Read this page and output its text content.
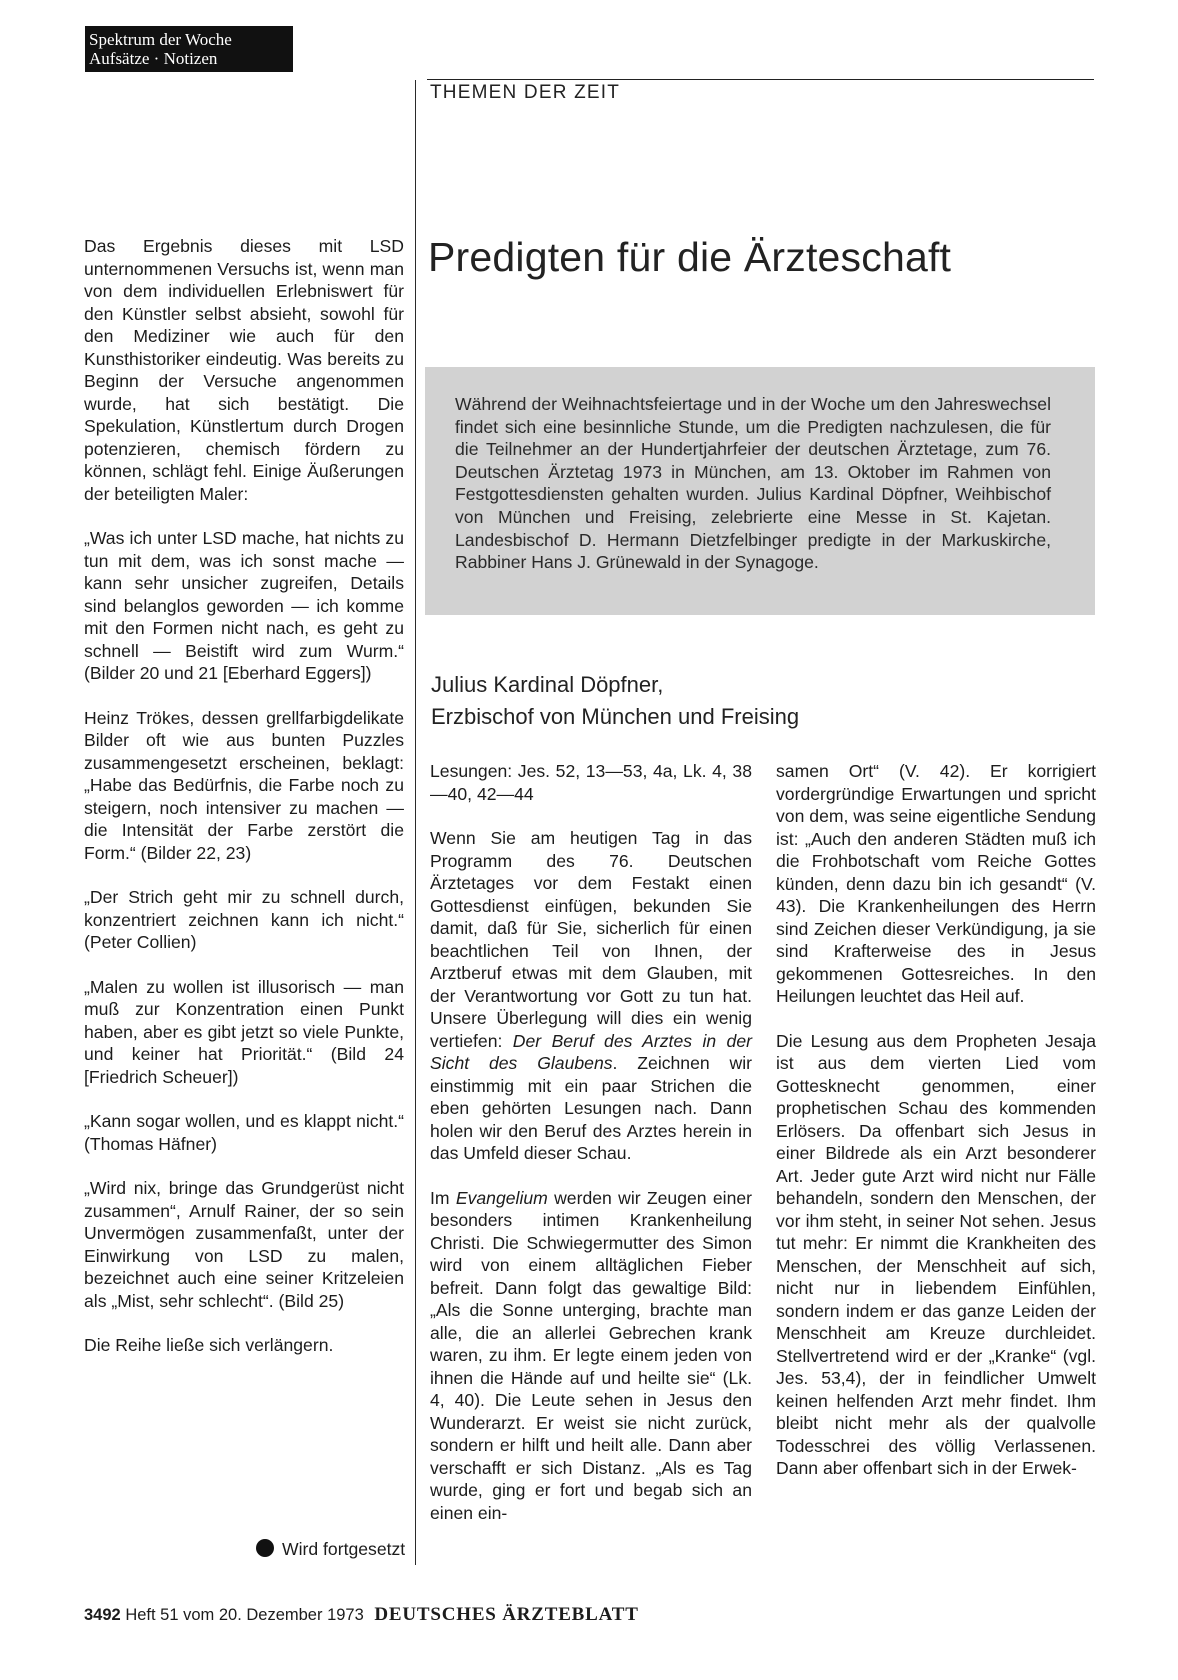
Spektrum der Woche
Aufsätze · Notizen
THEMEN DER ZEIT

Das Ergebnis dieses mit LSD unternommenen Versuchs ist, wenn man von dem individuellen Erlebniswert für den Künstler selbst absieht, sowohl für den Mediziner wie auch für den Kunsthistoriker eindeutig. Was bereits zu Beginn der Versuche angenommen wurde, hat sich bestätigt. Die Spekulation, Künstlertum durch Drogen potenzieren, chemisch fördern zu können, schlägt fehl. Einige Äußerungen der beteiligten Maler:

„Was ich unter LSD mache, hat nichts zu tun mit dem, was ich sonst mache — kann sehr unsicher zugreifen, Details sind belanglos geworden — ich komme mit den Formen nicht nach, es geht zu schnell — Beistift wird zum Wurm.“ (Bilder 20 und 21 [Eberhard Eggers])

Heinz Trökes, dessen grellfarbigdelikate Bilder oft wie aus bunten Puzzles zusammengesetzt erscheinen, beklagt: „Habe das Bedürfnis, die Farbe noch zu steigern, noch intensiver zu machen — die Intensität der Farbe zerstört die Form.“ (Bilder 22, 23)

„Der Strich geht mir zu schnell durch, konzentriert zeichnen kann ich nicht.“ (Peter Collien)

„Malen zu wollen ist illusorisch — man muß zur Konzentration einen Punkt haben, aber es gibt jetzt so viele Punkte, und keiner hat Priorität.“ (Bild 24 [Friedrich Scheuer])

„Kann sogar wollen, und es klappt nicht.“ (Thomas Häfner)

„Wird nix, bringe das Grundgerüst nicht zusammen“, Arnulf Rainer, der so sein Unvermögen zusammenfaßt, unter der Einwirkung von LSD zu malen, bezeichnet auch eine seiner Kritzeleien als „Mist, sehr schlecht“. (Bild 25)

Die Reihe ließe sich verlängern.

Wird fortgesetzt
Predigten für die Ärzteschaft
Während der Weihnachtsfeiertage und in der Woche um den Jahreswechsel findet sich eine besinnliche Stunde, um die Predigten nachzulesen, die für die Teilnehmer an der Hundertjahrfeier der deutschen Ärztetage, zum 76. Deutschen Ärztetag 1973 in München, am 13. Oktober im Rahmen von Festgottesdiensten gehalten wurden. Julius Kardinal Döpfner, Weihbischof von München und Freising, zelebrierte eine Messe in St. Kajetan. Landesbischof D. Hermann Dietzfelbinger predigte in der Markuskirche, Rabbiner Hans J. Grünewald in der Synagoge.
Julius Kardinal Döpfner,
Erzbischof von München und Freising

Lesungen: Jes. 52, 13—53, 4a, Lk. 4, 38—40, 42—44

Wenn Sie am heutigen Tag in das Programm des 76. Deutschen Ärztetages vor dem Festakt einen Gottesdienst einfügen, bekunden Sie damit, daß für Sie, sicherlich für einen beachtlichen Teil von Ihnen, der Arztberuf etwas mit dem Glauben, mit der Verantwortung vor Gott zu tun hat. Unsere Überlegung will dies ein wenig vertiefen: Der Beruf des Arztes in der Sicht des Glaubens. Zeichnen wir einstimmig mit ein paar Strichen die eben gehörten Lesungen nach. Dann holen wir den Beruf des Arztes herein in das Umfeld dieser Schau.

Im Evangelium werden wir Zeugen einer besonders intimen Krankenheilung Christi. Die Schwiegermutter des Simon wird von einem alltäglichen Fieber befreit. Dann folgt das gewaltige Bild: „Als die Sonne unterging, brachte man alle, die an allerlei Gebrechen krank waren, zu ihm. Er legte einem jeden von ihnen die Hände auf und heilte sie“ (Lk. 4, 40). Die Leute sehen in Jesus den Wunderarzt. Er weist sie nicht zurück, sondern er hilft und heilt alle. Dann aber verschafft er sich Distanz. „Als es Tag wurde, ging er fort und begab sich an einen ein-

samen Ort“ (V. 42). Er korrigiert vordergründige Erwartungen und spricht von dem, was seine eigentliche Sendung ist: „Auch den anderen Städten muß ich die Frohbotschaft vom Reiche Gottes künden, denn dazu bin ich gesandt“ (V. 43). Die Krankenheilungen des Herrn sind Zeichen dieser Verkündigung, ja sie sind Krafterweise des in Jesus gekommenen Gottesreiches. In den Heilungen leuchtet das Heil auf.

Die Lesung aus dem Propheten Jesaja ist aus dem vierten Lied vom Gottesknecht genommen, einer prophetischen Schau des kommenden Erlösers. Da offenbart sich Jesus in einer Bildrede als ein Arzt besonderer Art. Jeder gute Arzt wird nicht nur Fälle behandeln, sondern den Menschen, der vor ihm steht, in seiner Not sehen. Jesus tut mehr: Er nimmt die Krankheiten des Menschen, der Menschheit auf sich, nicht nur in liebendem Einfühlen, sondern indem er das ganze Leiden der Menschheit am Kreuze durchleidet. Stellvertretend wird er der „Kranke“ (vgl. Jes. 53,4), der in feindlicher Umwelt keinen helfenden Arzt mehr findet. Ihm bleibt nicht mehr als der qualvolle Todesschrei des völlig Verlassenen. Dann aber offenbart sich in der Erwek-

3492 Heft 51 vom 20. Dezember 1973 DEUTSCHES ÄRZTEBLATT
